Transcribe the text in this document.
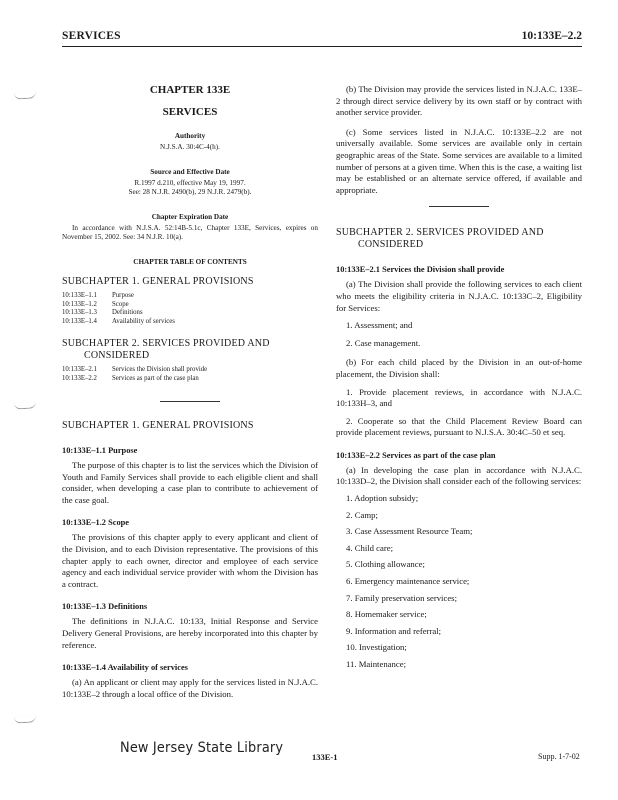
SERVICES	10:133E–2.2
CHAPTER 133E
SERVICES
Authority
N.J.S.A. 30:4C-4(h).
Source and Effective Date
R.1997 d.210, effective May 19, 1997.
See: 28 N.J.R. 2490(b), 29 N.J.R. 2479(b).
Chapter Expiration Date
In accordance with N.J.S.A. 52:14B-5.1c, Chapter 133E, Services, expires on November 15, 2002. See: 34 N.J.R. 10(a).
CHAPTER TABLE OF CONTENTS
SUBCHAPTER 1. GENERAL PROVISIONS
10:133E–1.1	Purpose
10:133E–1.2	Scope
10:133E–1.3	Definitions
10:133E–1.4	Availability of services
SUBCHAPTER 2. SERVICES PROVIDED AND
CONSIDERED
10:133E–2.1	Services the Division shall provide
10:133E–2.2	Services as part of the case plan
SUBCHAPTER 1. GENERAL PROVISIONS
10:133E–1.1 Purpose
The purpose of this chapter is to list the services which the Division of Youth and Family Services shall provide to each eligible client and shall consider, when developing a case plan to contribute to achievement of the case goal.
10:133E–1.2 Scope
The provisions of this chapter apply to every applicant and client of the Division, and to each Division representative. The provisions of this chapter apply to each owner, director and employee of each service agency and each individual service provider with whom the Division has a contract.
10:133E–1.3 Definitions
The definitions in N.J.A.C. 10:133, Initial Response and Service Delivery General Provisions, are hereby incorporated into this chapter by reference.
10:133E–1.4 Availability of services
(a) An applicant or client may apply for the services listed in N.J.A.C. 10:133E–2 through a local office of the Division.
(b) The Division may provide the services listed in N.J.A.C. 133E–2 through direct service delivery by its own staff or by contract with another service provider.
(c) Some services listed in N.J.A.C. 10:133E–2.2 are not universally available. Some services are available only in certain geographic areas of the State. Some services are available to a limited number of persons at a given time. When this is the case, a waiting list may be established or an alternate service offered, if available and appropriate.
SUBCHAPTER 2. SERVICES PROVIDED AND
CONSIDERED
10:133E–2.1 Services the Division shall provide
(a) The Division shall provide the following services to each client who meets the eligibility criteria in N.J.A.C. 10:133C–2, Eligibility for Services:
1. Assessment; and
2. Case management.
(b) For each child placed by the Division in an out-of-home placement, the Division shall:
1. Provide placement reviews, in accordance with N.J.A.C. 10:133H–3, and
2. Cooperate so that the Child Placement Review Board can provide placement reviews, pursuant to N.J.S.A. 30:4C–50 et seq.
10:133E–2.2 Services as part of the case plan
(a) In developing the case plan in accordance with N.J.A.C. 10:133D–2, the Division shall consider each of the following services:
1. Adoption subsidy;
2. Camp;
3. Case Assessment Resource Team;
4. Child care;
5. Clothing allowance;
6. Emergency maintenance service;
7. Family preservation services;
8. Homemaker service;
9. Information and referral;
10. Investigation;
11. Maintenance;
New Jersey State Library
133E-1	Supp. 1-7-02
